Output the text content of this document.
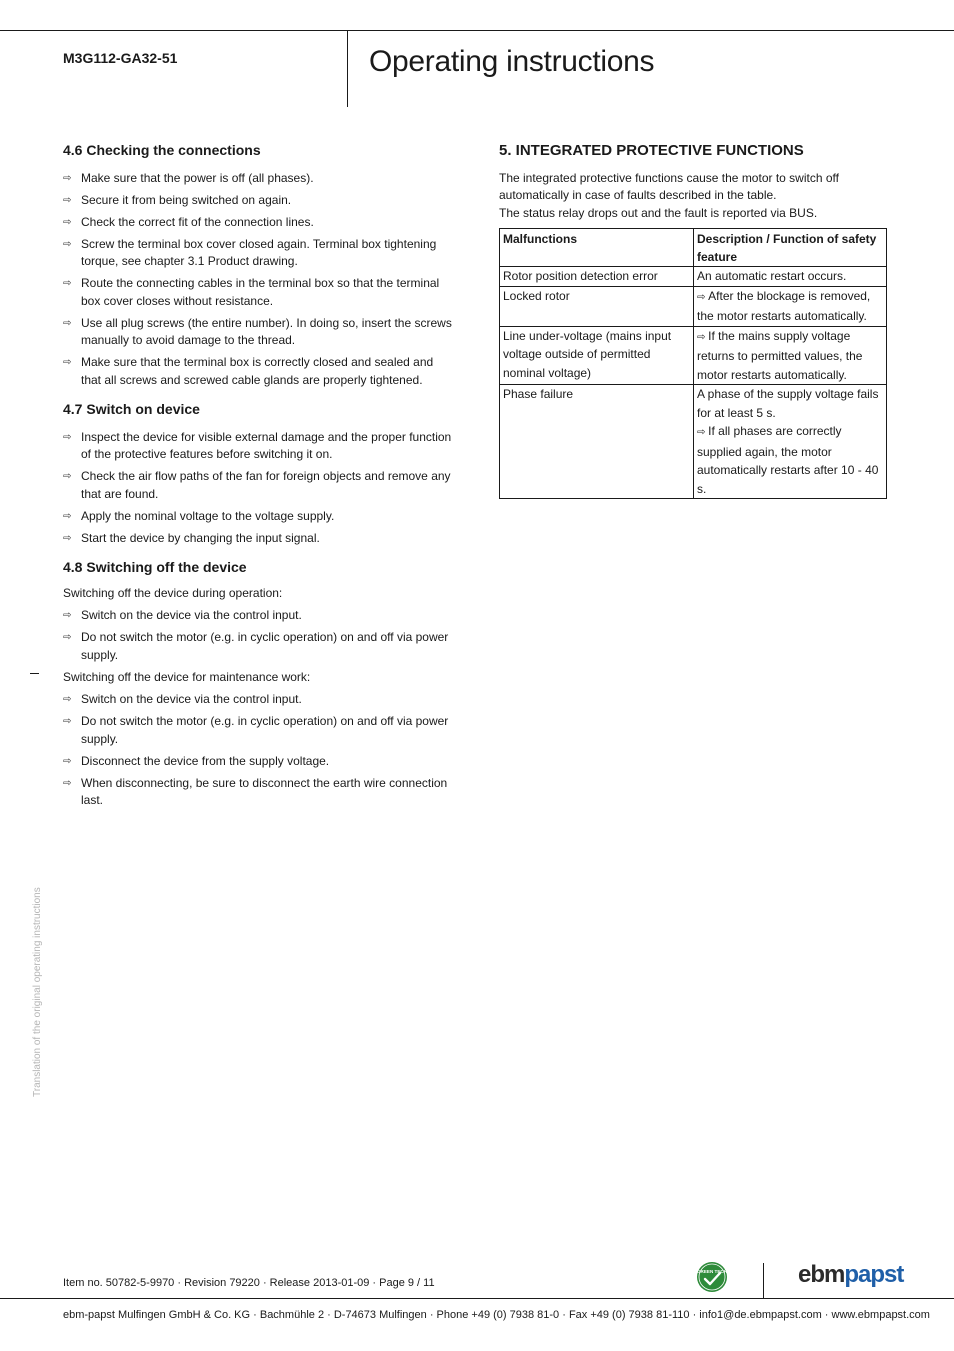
M3G112-GA32-51	Operating instructions
4.6 Checking the connections
⇨ Make sure that the power is off (all phases).
⇨ Secure it from being switched on again.
⇨ Check the correct fit of the connection lines.
⇨ Screw the terminal box cover closed again. Terminal box tightening torque, see chapter 3.1 Product drawing.
⇨ Route the connecting cables in the terminal box so that the terminal box cover closes without resistance.
⇨ Use all plug screws (the entire number). In doing so, insert the screws manually to avoid damage to the thread.
⇨ Make sure that the terminal box is correctly closed and sealed and that all screws and screwed cable glands are properly tightened.
4.7 Switch on device
⇨ Inspect the device for visible external damage and the proper function of the protective features before switching it on.
⇨ Check the air flow paths of the fan for foreign objects and remove any that are found.
⇨ Apply the nominal voltage to the voltage supply.
⇨ Start the device by changing the input signal.
4.8 Switching off the device

Switching off the device during operation:

⇨ Switch on the device via the control input.
⇨ Do not switch the motor (e.g. in cyclic operation) on and off via power supply.

Switching off the device for maintenance work:

⇨ Switch on the device via the control input.
⇨ Do not switch the motor (e.g. in cyclic operation) on and off via power supply.
⇨ Disconnect the device from the supply voltage.
⇨ When disconnecting, be sure to disconnect the earth wire connection last.
5. INTEGRATED PROTECTIVE FUNCTIONS

The integrated protective functions cause the motor to switch off automatically in case of faults described in the table.

The status relay drops out and the fault is reported via BUS.

Malfunctions	Description / Function of safety feature
Rotor position detection error	An automatic restart occurs.
Locked rotor	⇨ After the blockage is removed, the motor restarts automatically.
Line under-voltage (mains input voltage outside of permitted nominal voltage)	⇨ If the mains supply voltage returns to permitted values, the motor restarts automatically.
Phase failure	A phase of the supply voltage fails for at least 5 s.
⇨ If all phases are correctly supplied again, the motor automatically restarts after 10 - 40 s.
Translation of the original operating instructions
Item no. 50782-5-9970 · Revision 79220 · Release 2013-01-09 · Page 9 / 11
GREEN TECH	ebmpapst
ebm-papst Mulfingen GmbH & Co. KG · Bachmühle 2 · D-74673 Mulfingen · Phone +49 (0) 7938 81-0 · Fax +49 (0) 7938 81-110 · info1@de.ebmpapst.com · www.ebmpapst.com
